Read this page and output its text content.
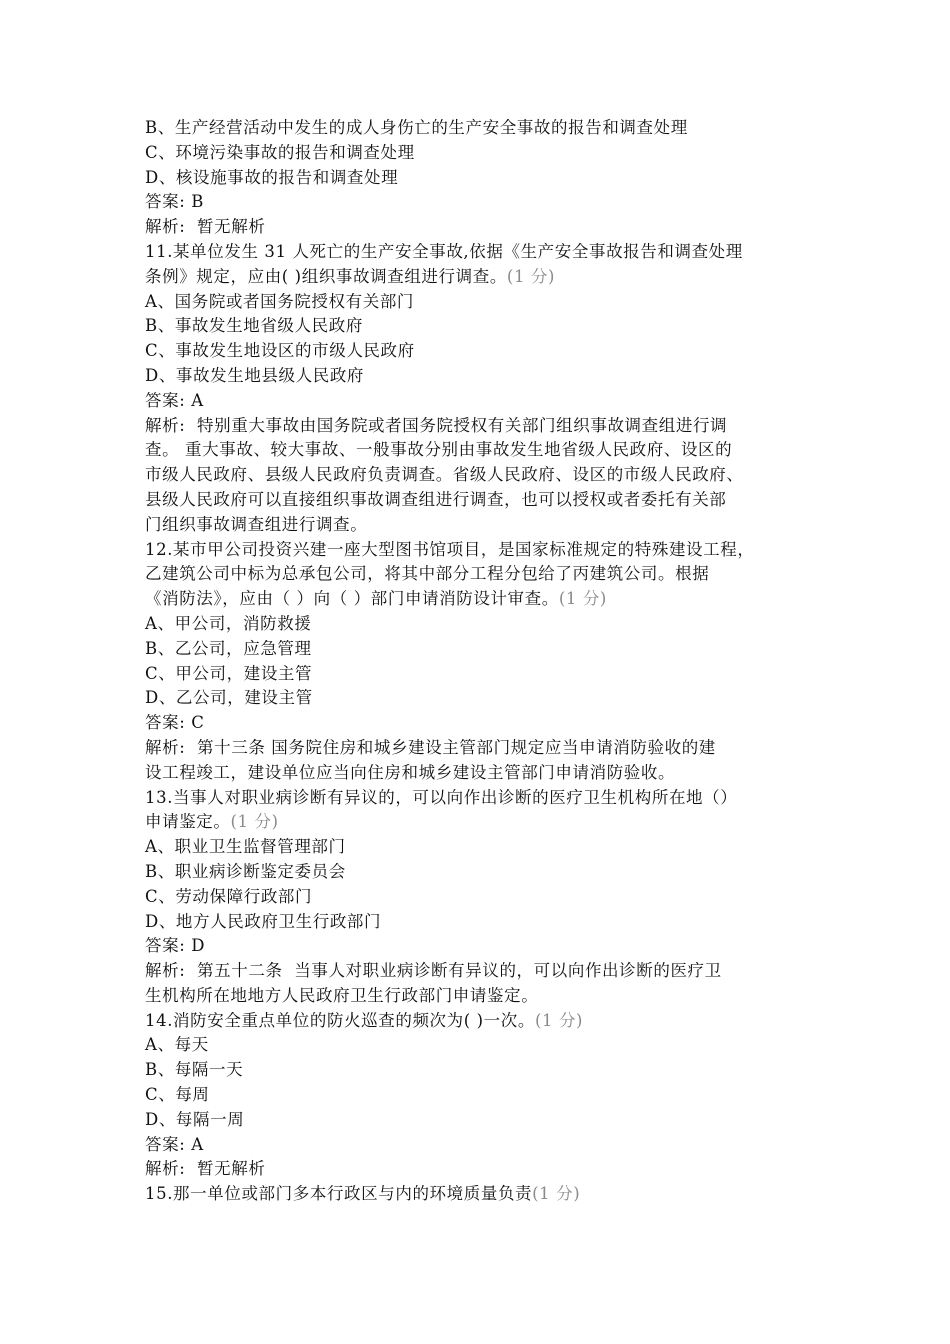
B、生产经营活动中发生的成人身伤亡的生产安全事故的报告和调查处理
C、环境污染事故的报告和调查处理
D、核设施事故的报告和调查处理
答案: B
解析:  暂无解析
11.某单位发生 31 人死亡的生产安全事故,依据《生产安全事故报告和调查处理
条例》规定，应由( )组织事故调查组进行调查。(1 分)
A、国务院或者国务院授权有关部门
B、事故发生地省级人民政府
C、事故发生地设区的市级人民政府
D、事故发生地县级人民政府
答案: A
解析:  特别重大事故由国务院或者国务院授权有关部门组织事故调查组进行调
查。 重大事故、较大事故、一般事故分别由事故发生地省级人民政府、设区的
市级人民政府、县级人民政府负责调查。省级人民政府、设区的市级人民政府、
县级人民政府可以直接组织事故调查组进行调查，也可以授权或者委托有关部
门组织事故调查组进行调查。
12.某市甲公司投资兴建一座大型图书馆项目，是国家标准规定的特殊建设工程，
乙建筑公司中标为总承包公司，将其中部分工程分包给了丙建筑公司。根据
《消防法》，应由（ ）向（ ）部门申请消防设计审查。(1 分)
A、甲公司，消防救援
B、乙公司，应急管理
C、甲公司，建设主管
D、乙公司，建设主管
答案: C
解析:  第十三条 国务院住房和城乡建设主管部门规定应当申请消防验收的建
设工程竣工，建设单位应当向住房和城乡建设主管部门申请消防验收。
13.当事人对职业病诊断有异议的，可以向作出诊断的医疗卫生机构所在地（）
申请鉴定。(1 分)
A、职业卫生监督管理部门
B、职业病诊断鉴定委员会
C、劳动保障行政部门
D、地方人民政府卫生行政部门
答案: D
解析:  第五十二条  当事人对职业病诊断有异议的，可以向作出诊断的医疗卫
生机构所在地地方人民政府卫生行政部门申请鉴定。
14.消防安全重点单位的防火巡查的频次为( )一次。(1 分)
A、每天
B、每隔一天
C、每周
D、每隔一周
答案: A
解析:  暂无解析
15.那一单位或部门多本行政区与内的环境质量负责(1 分)
